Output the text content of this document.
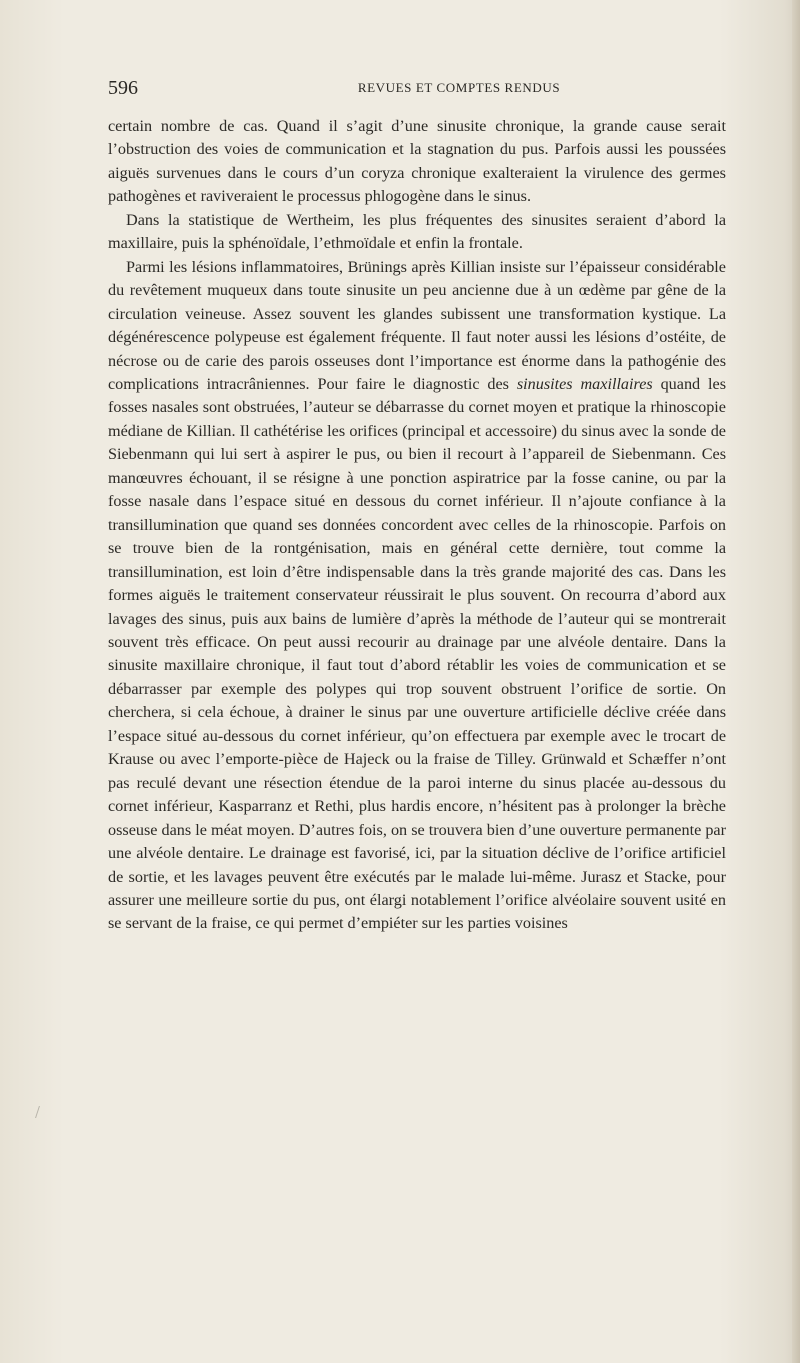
596	REVUES ET COMPTES RENDUS

certain nombre de cas. Quand il s’agit d’une sinusite chronique, la grande cause serait l’obstruction des voies de communication et la stagnation du pus. Parfois aussi les poussées aiguës survenues dans le cours d’un coryza chronique exalteraient la virulence des germes pathogènes et raviveraient le processus phlogogène dans le sinus.

Dans la statistique de Wertheim, les plus fréquentes des sinusites seraient d’abord la maxillaire, puis la sphénoïdale, l’ethmoïdale et enfin la frontale.

Parmi les lésions inflammatoires, Brünings après Killian insiste sur l’épaisseur considérable du revêtement muqueux dans toute sinusite un peu ancienne due à un œdème par gêne de la circulation veineuse. Assez souvent les glandes subissent une transformation kystique. La dégénérescence polypeuse est également fréquente. Il faut noter aussi les lésions d’ostéite, de nécrose ou de carie des parois osseuses dont l’importance est énorme dans la pathogénie des complications intracrâniennes. Pour faire le diagnostic des sinusites maxillaires quand les fosses nasales sont obstruées, l’auteur se débarrasse du cornet moyen et pratique la rhinoscopie médiane de Killian. Il cathétérise les orifices (principal et accessoire) du sinus avec la sonde de Siebenmann qui lui sert à aspirer le pus, ou bien il recourt à l’appareil de Siebenmann. Ces manœuvres échouant, il se résigne à une ponction aspiratrice par la fosse canine, ou par la fosse nasale dans l’espace situé en dessous du cornet inférieur. Il n’ajoute confiance à la transillumination que quand ses données concordent avec celles de la rhinoscopie. Parfois on se trouve bien de la rontgénisation, mais en général cette dernière, tout comme la transillumination, est loin d’être indispensable dans la très grande majorité des cas. Dans les formes aiguës le traitement conservateur réussirait le plus souvent. On recourra d’abord aux lavages des sinus, puis aux bains de lumière d’après la méthode de l’auteur qui se montrerait souvent très efficace. On peut aussi recourir au drainage par une alvéole dentaire. Dans la sinusite maxillaire chronique, il faut tout d’abord rétablir les voies de communication et se débarrasser par exemple des polypes qui trop souvent obstruent l’orifice de sortie. On cherchera, si cela échoue, à drainer le sinus par une ouverture artificielle déclive créée dans l’espace situé au-dessous du cornet inférieur, qu’on effectuera par exemple avec le trocart de Krause ou avec l’emporte-pièce de Hajeck ou la fraise de Tilley. Grünwald et Schæffer n’ont pas reculé devant une résection étendue de la paroi interne du sinus placée au-dessous du cornet inférieur, Kasparranz et Rethi, plus hardis encore, n’hésitent pas à prolonger la brèche osseuse dans le méat moyen. D’autres fois, on se trouvera bien d’une ouverture permanente par une alvéole dentaire. Le drainage est favorisé, ici, par la situation déclive de l’orifice artificiel de sortie, et les lavages peuvent être exécutés par le malade lui-même. Jurasz et Stacke, pour assurer une meilleure sortie du pus, ont élargi notablement l’orifice alvéolaire souvent usité en se servant de la fraise, ce qui permet d’empiéter sur les parties voisines
